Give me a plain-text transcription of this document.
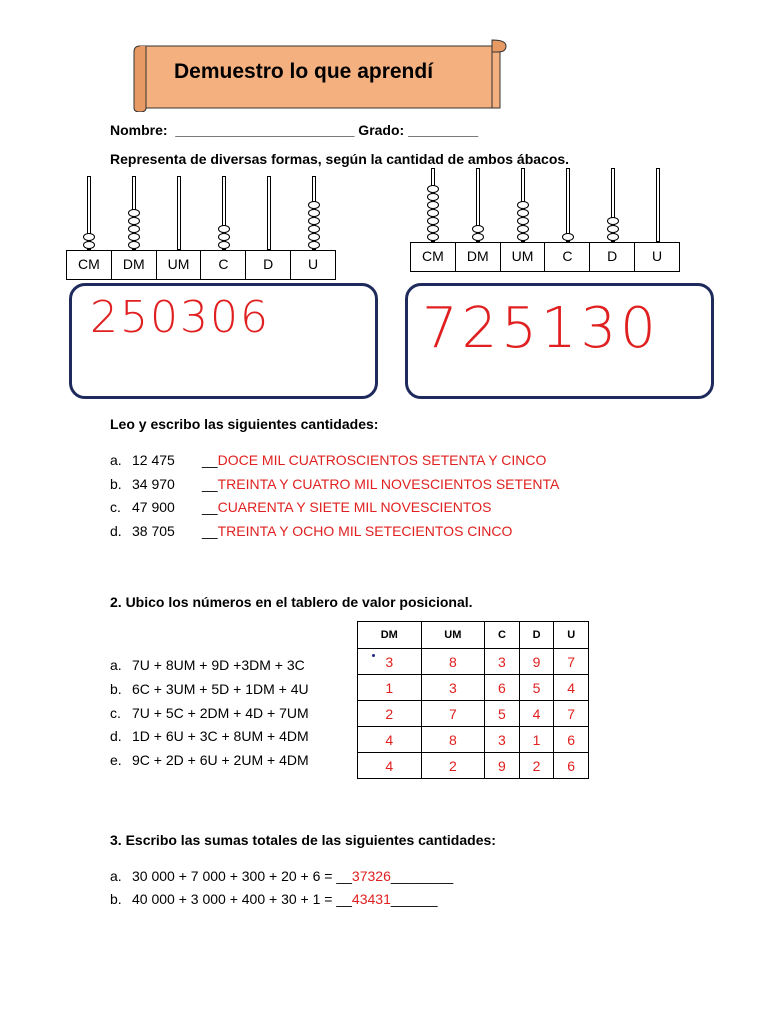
Demuestro lo que aprendí
Nombre:  _______________________ Grado: _________
Representa de diversas formas, según la cantidad de ambos ábacos.
CM	DM	UM	C	D	U	CM	DM	UM	C	D	U
250306	725130
Leo y escribo las siguientes cantidades:
a. 12 475 __DOCE MIL CUATROSCIENTOS SETENTA Y CINCO
b. 34 970 __TREINTA Y CUATRO MIL NOVESCIENTOS SETENTA
c. 47 900 __CUARENTA Y SIETE MIL NOVESCIENTOS
d. 38 705 __TREINTA Y OCHO MIL SETECIENTOS CINCO
2. Ubico los números en el tablero de valor posicional.
a. 7U + 8UM + 9D +3DM + 3C
b. 6C + 3UM + 5D + 1DM + 4U
c. 7U + 5C + 2DM + 4D + 7UM
d. 1D + 6U + 3C + 8UM + 4DM
e. 9C + 2D + 6U + 2UM + 4DM
DM	UM	C	D	U
3	8	3	9	7
1	3	6	5	4
2	7	5	4	7
4	8	3	1	6
4	2	9	2	6
3. Escribo las sumas totales de las siguientes cantidades:
a. 30 000 + 7 000 + 300 + 20 + 6 = __37326________
b. 40 000 + 3 000 + 400 + 30 + 1 = __43431______
